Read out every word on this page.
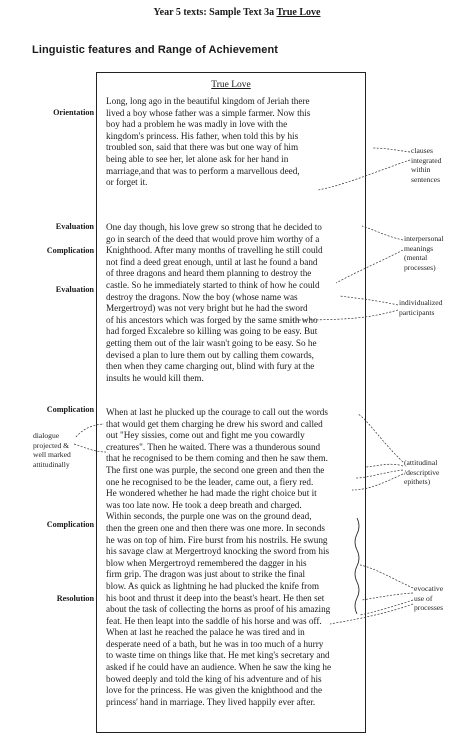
Year 5 texts: Sample Text 3a True Love
Linguistic features and Range of Achievement
True Love
Long, long ago in the beautiful kingdom of Jeriah there
lived a boy whose father was a simple farmer. Now this
boy had a problem he was madly in love with the
kingdom's princess. His father, when told this by his
troubled son, said that there was but one way of him
being able to see her, let alone ask for her hand in
marriage,and that was to perform a marvellous deed,
or forget it.
One day though, his love grew so strong that he decided to
go in search of the deed that would prove him worthy of a
Knighthood. After many months of travelling he still could
not find a deed great enough, until at last he found a band
of three dragons and heard them planning to destroy the
castle. So he immediately started to think of how he could
destroy the dragons. Now the boy (whose name was
Mergertroyd) was not very bright but he had the sword
of his ancestors which was forged by the same smith who
had forged Excalebre so killing was going to be easy. But
getting them out of the lair wasn't going to be easy. So he
devised a plan to lure them out by calling them cowards,
then when they came charging out, blind with fury at the
insults he would kill them.
When at last he plucked up the courage to call out the words
that would get them charging he drew his sword and called
out "Hey sissies, come out and fight me you cowardly
creatures". Then he waited. There was a thunderous sound
that he recognised to be them coming and then he saw them.
The first one was purple, the second one green and then the
one he recognised to be the leader, came out, a fiery red.
He wondered whether he had made the right choice but it
was too late now. He took a deep breath and charged.
Within seconds, the purple one was on the ground dead,
then the green one and then there was one more. In seconds
he was on top of him. Fire burst from his nostrils. He swung
his savage claw at Mergertroyd knocking the sword from his
blow when Mergertroyd remembered the dagger in his
firm grip. The dragon was just about to strike the final
blow. As quick as lightning he had plucked the knife from
his boot and thrust it deep into the beast's heart. He then set
about the task of collecting the horns as proof of his amazing
feat. He then leapt into the saddle of his horse and was off.
When at last he reached the palace he was tired and in
desperate need of a bath, but he was in too much of a hurry
to waste time on things like that. He met king's secretary and
asked if he could have an audience. When he saw the king he
bowed deeply and told the king of his adventure and of his
love for the princess. He was given the knighthood and the
princess' hand in marriage. They lived happily ever after.
Orientation
Evaluation
Complication
Evaluation
Complication
Complication
Resolution
dialogue
projected &
well marked
attitudinally
clauses
integrated
within
sentences
interpersonal
meanings
(mental
processes)
individualized
participants
(attitudinal
/descriptive
epithets)
evocative
use of
processes
